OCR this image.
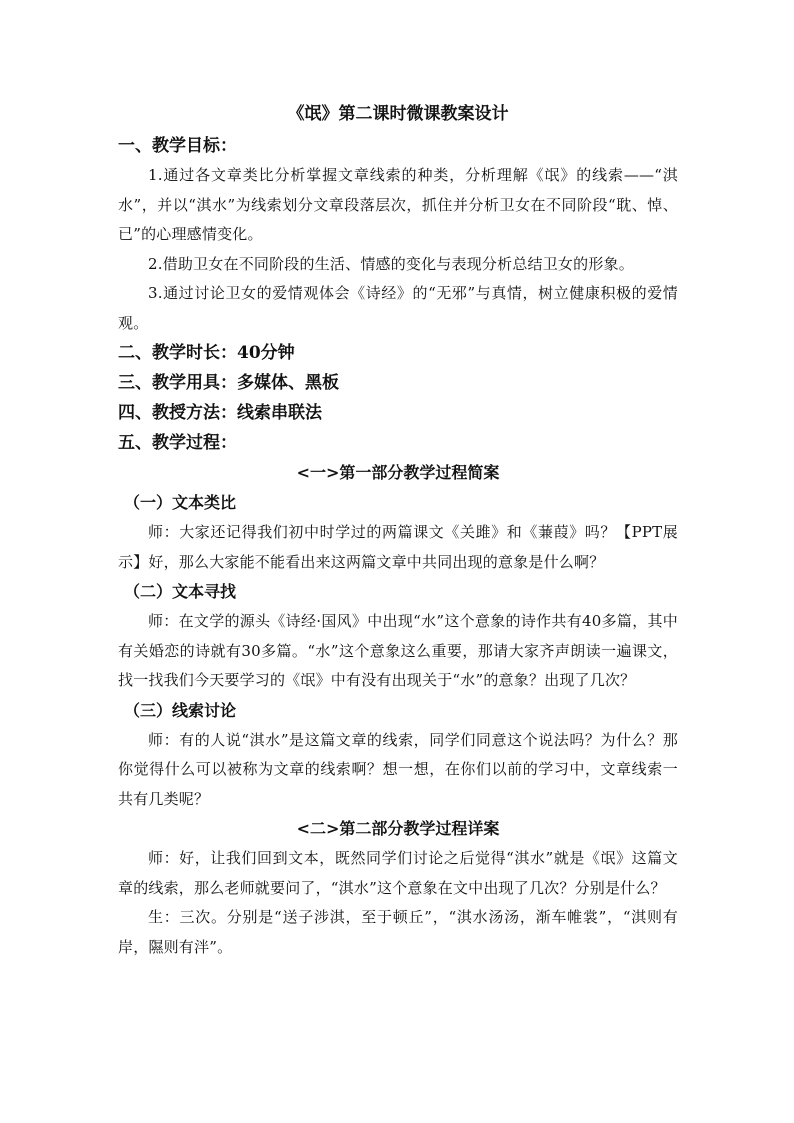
《氓》第二课时微课教案设计

一、教学目标：

1.通过各文章类比分析掌握文章线索的种类，分析理解《氓》的线索——“淇水”，并以“淇水”为线索划分文章段落层次，抓住并分析卫女在不同阶段“耽、悼、已”的心理感情变化。

2.借助卫女在不同阶段的生活、情感的变化与表现分析总结卫女的形象。

3.通过讨论卫女的爱情观体会《诗经》的“无邪”与真情，树立健康积极的爱情观。

二、教学时长：40分钟

三、教学用具：多媒体、黑板

四、教授方法：线索串联法

五、教学过程：

<一>第一部分教学过程简案

（一）文本类比

师：大家还记得我们初中时学过的两篇课文《关雎》和《蒹葭》吗？【PPT展示】好，那么大家能不能看出来这两篇文章中共同出现的意象是什么啊？

（二）文本寻找

师：在文学的源头《诗经·国风》中出现“水”这个意象的诗作共有40多篇，其中有关婚恋的诗就有30多篇。“水”这个意象这么重要，那请大家齐声朗读一遍课文，找一找我们今天要学习的《氓》中有没有出现关于“水”的意象？出现了几次？

（三）线索讨论

师：有的人说“淇水”是这篇文章的线索，同学们同意这个说法吗？为什么？那你觉得什么可以被称为文章的线索啊？想一想，在你们以前的学习中，文章线索一共有几类呢？

<二>第二部分教学过程详案

师：好，让我们回到文本，既然同学们讨论之后觉得“淇水”就是《氓》这篇文章的线索，那么老师就要问了，“淇水”这个意象在文中出现了几次？分别是什么？

生：三次。分别是“送子涉淇，至于顿丘”，“淇水汤汤，渐车帷裳”，“淇则有岸，隰则有泮”。
